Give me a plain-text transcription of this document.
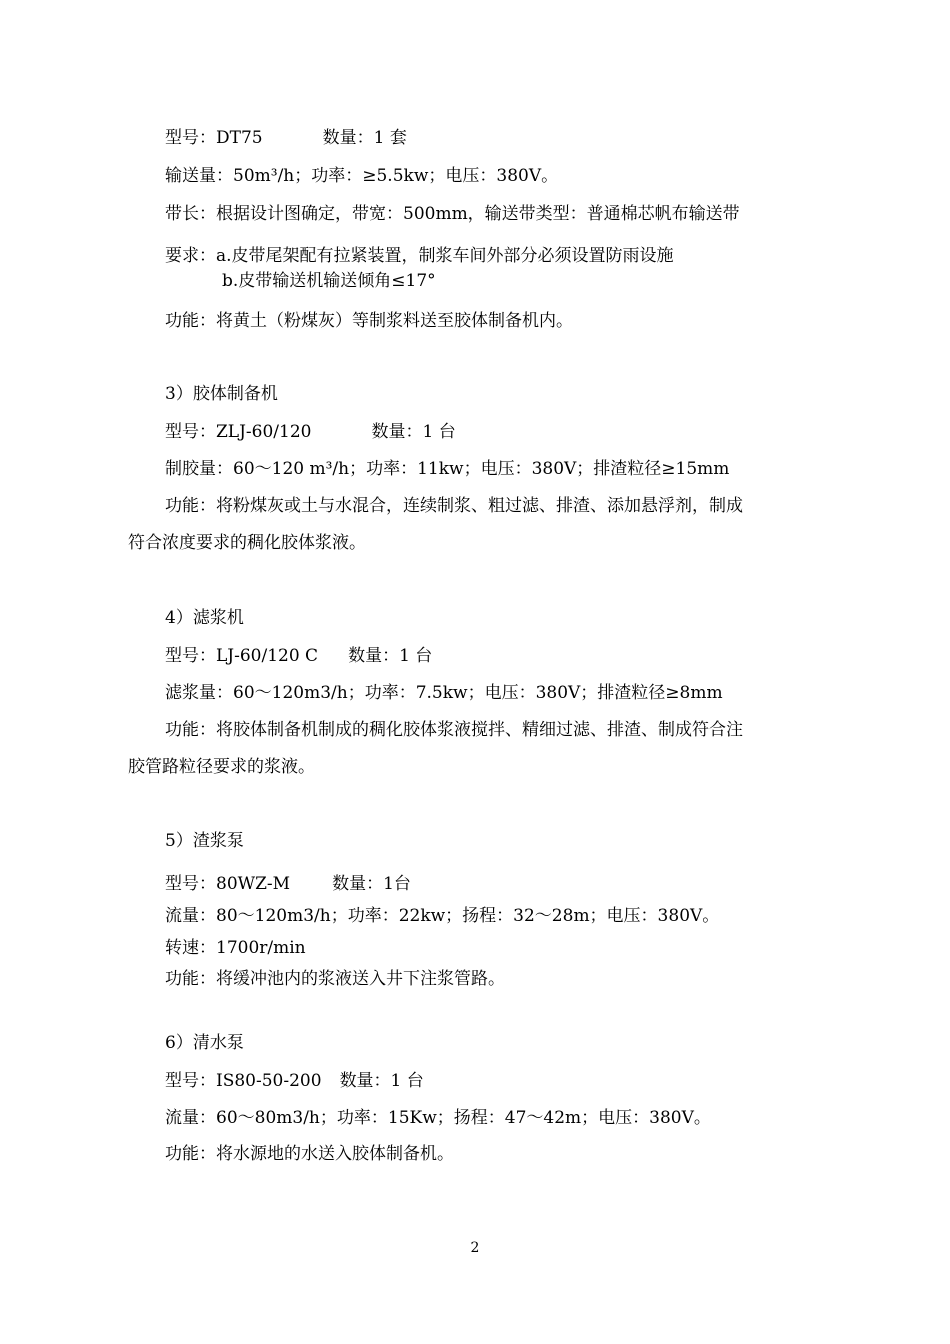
型号：DT75	数量：1 套
输送量：50m³/h；功率：≥5.5kw；电压：380V。
带长：根据设计图确定，带宽：500mm，输送带类型：普通棉芯帆布输送带
要求：a.皮带尾架配有拉紧装置，制浆车间外部分必须设置防雨设施
b.皮带输送机输送倾角≤17°
功能：将黄土（粉煤灰）等制浆料送至胶体制备机内。
3）胶体制备机
型号：ZLJ-60/120	数量：1 台
制胶量：60～120 m³/h；功率：11kw；电压：380V；排渣粒径≥15mm
功能：将粉煤灰或土与水混合，连续制浆、粗过滤、排渣、添加悬浮剂，制成
符合浓度要求的稠化胶体浆液。
4）滤浆机
型号：LJ-60/120 C 数量：1 台
滤浆量：60～120m3/h；功率：7.5kw；电压：380V；排渣粒径≥8mm
功能：将胶体制备机制成的稠化胶体浆液搅拌、精细过滤、排渣、制成符合注
胶管路粒径要求的浆液。
5）渣浆泵
型号：80WZ-M 数量：1台
流量：80～120m3/h；功率：22kw；扬程：32～28m；电压：380V。
转速：1700r/min
功能：将缓冲池内的浆液送入井下注浆管路。
6）清水泵
型号：IS80-50-200 数量：1 台
流量：60～80m3/h；功率：15Kw；扬程：47～42m；电压：380V。
功能：将水源地的水送入胶体制备机。
2
